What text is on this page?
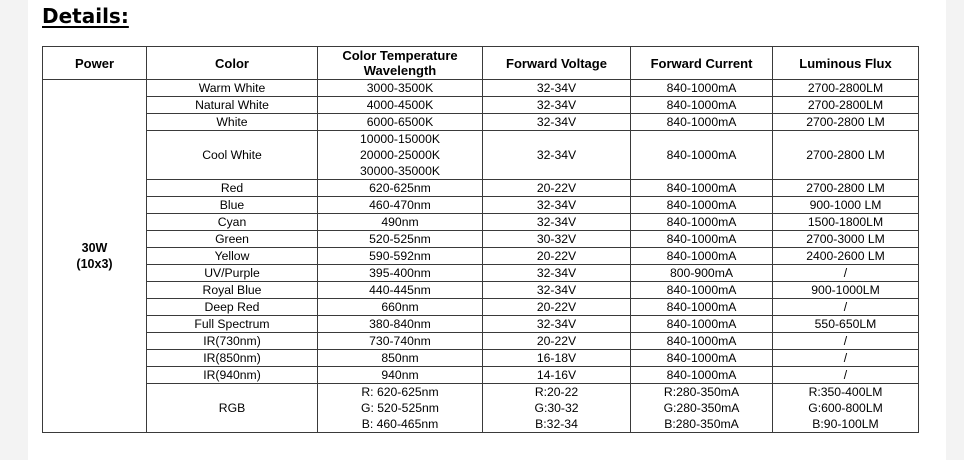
Details:
Power	Color	Color Temperature Wavelength	Forward Voltage	Forward Current	Luminous Flux

30W
(10x3)	Warm White	3000-3500K	32-34V	840-1000mA	2700-2800LM

	Natural White	4000-4500K	32-34V	840-1000mA	2700-2800LM

	White	6000-6500K	32-34V	840-1000mA	2700-2800 LM

	Cool White	10000-15000K
20000-25000K
30000-35000K	32-34V	840-1000mA	2700-2800 LM

	Red	620-625nm	20-22V	840-1000mA	2700-2800 LM

	Blue	460-470nm	32-34V	840-1000mA	900-1000 LM

	Cyan	490nm	32-34V	840-1000mA	1500-1800LM

	Green	520-525nm	30-32V	840-1000mA	2700-3000 LM

	Yellow	590-592nm	20-22V	840-1000mA	2400-2600 LM

	UV/Purple	395-400nm	32-34V	800-900mA	/

	Royal Blue	440-445nm	32-34V	840-1000mA	900-1000LM

	Deep Red	660nm	20-22V	840-1000mA	/

	Full Spectrum	380-840nm	32-34V	840-1000mA	550-650LM

	IR(730nm)	730-740nm	20-22V	840-1000mA	/

	IR(850nm)	850nm	16-18V	840-1000mA	/

	IR(940nm)	940nm	14-16V	840-1000mA	/

	RGB	R: 620-625nm
G: 520-525nm
B: 460-465nm	R:20-22
G:30-32
B:32-34	R:280-350mA
G:280-350mA
B:280-350mA	R:350-400LM
G:600-800LM
B:90-100LM
